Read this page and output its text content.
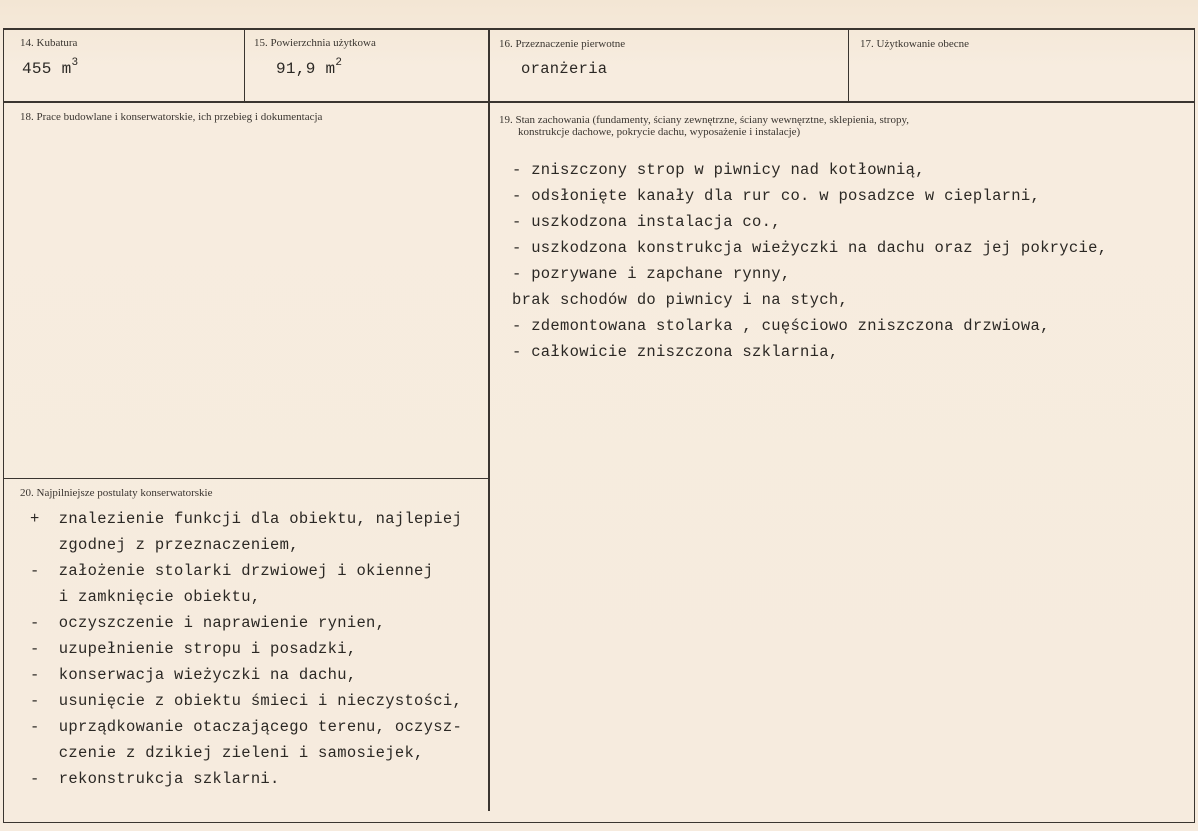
14. Kubatura
455 $m^3$
15. Powierzchnia użytkowa
91,9 $m^2$
16. Przeznaczenie pierwotne
oranżeria
17. Użytkowanie obecne
18. Prace budowlane i konserwatorskie, ich przebieg i dokumentacja	19. Stan zachowania (fundamenty, ściany zewnętrzne, ściany wewnęrztne, sklepienia, stropy,
konstrukcje dachowe, pokrycie dachu, wyposażenie i instalacje)
- zniszczony strop w piwnicy nad kotłownią,
- odsłonięte kanały dla rur co. w posadzce w cieplarni,
- uszkodzona instalacja co.,
- uszkodzona konstrukcja wieżyczki na dachu oraz jej pokrycie,
- pozrywane i zapchane rynny,
brak schodów do piwnicy i na stych,
- zdemontowana stolarka , cuęściowo zniszczona drzwiowa,
- całkowicie zniszczona szklarnia,
20. Najpilniejsze postulaty konserwatorskie
+  znalezienie funkcji dla obiektu, najlepiej
zgodnej z przeznaczeniem,
-  założenie stolarki drzwiowej i okiennej
i zamknięcie obiektu,
-  oczyszczenie i naprawienie rynien,
-  uzupełnienie stropu i posadzki,
-  konserwacja wieżyczki na dachu,
-  usunięcie z obiektu śmieci i nieczystości,
-  uprządkowanie otaczającego terenu, oczysz-
czenie z dzikiej zieleni i samosiejek,
-  rekonstrukcja szklarni.
